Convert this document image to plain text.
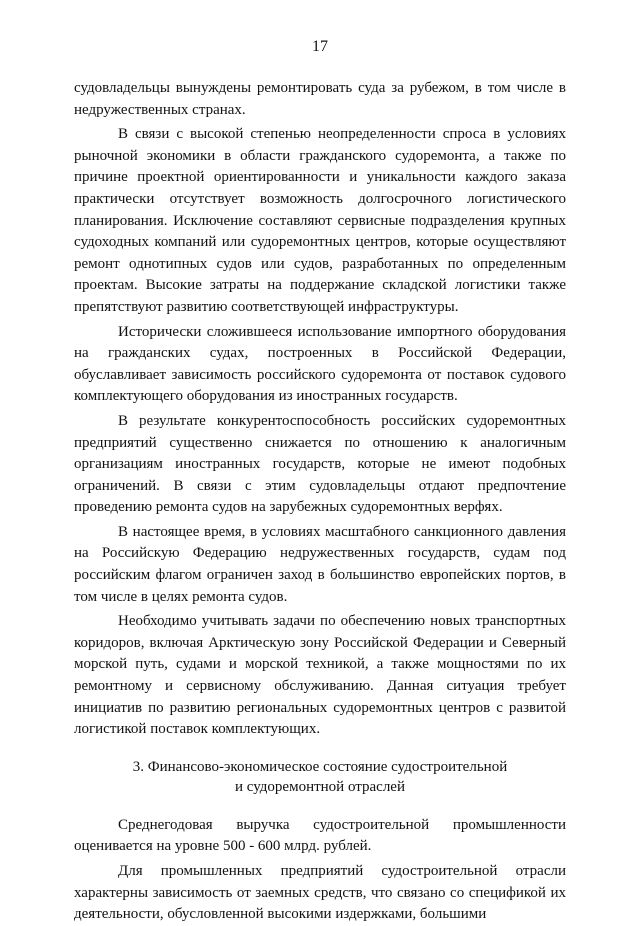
17

судовладельцы вынуждены ремонтировать суда за рубежом, в том числе в недружественных странах.

В связи с высокой степенью неопределенности спроса в условиях рыночной экономики в области гражданского судоремонта, а также по причине проектной ориентированности и уникальности каждого заказа практически отсутствует возможность долгосрочного логистического планирования. Исключение составляют сервисные подразделения крупных судоходных компаний или судоремонтных центров, которые осуществляют ремонт однотипных судов или судов, разработанных по определенным проектам. Высокие затраты на поддержание складской логистики также препятствуют развитию соответствующей инфраструктуры.

Исторически сложившееся использование импортного оборудования на гражданских судах, построенных в Российской Федерации, обуславливает зависимость российского судоремонта от поставок судового комплектующего оборудования из иностранных государств.

В результате конкурентоспособность российских судоремонтных предприятий существенно снижается по отношению к аналогичным организациям иностранных государств, которые не имеют подобных ограничений. В связи с этим судовладельцы отдают предпочтение проведению ремонта судов на зарубежных судоремонтных верфях.

В настоящее время, в условиях масштабного санкционного давления на Российскую Федерацию недружественных государств, судам под российским флагом ограничен заход в большинство европейских портов, в том числе в целях ремонта судов.

Необходимо учитывать задачи по обеспечению новых транспортных коридоров, включая Арктическую зону Российской Федерации и Северный морской путь, судами и морской техникой, а также мощностями по их ремонтному и сервисному обслуживанию. Данная ситуация требует инициатив по развитию региональных судоремонтных центров с развитой логистикой поставок комплектующих.

3. Финансово-экономическое состояние судостроительной
и судоремонтной отраслей

Среднегодовая выручка судостроительной промышленности оценивается на уровне 500 - 600 млрд. рублей.

Для промышленных предприятий судостроительной отрасли характерны зависимость от заемных средств, что связано со спецификой их деятельности, обусловленной высокими издержками, большими
